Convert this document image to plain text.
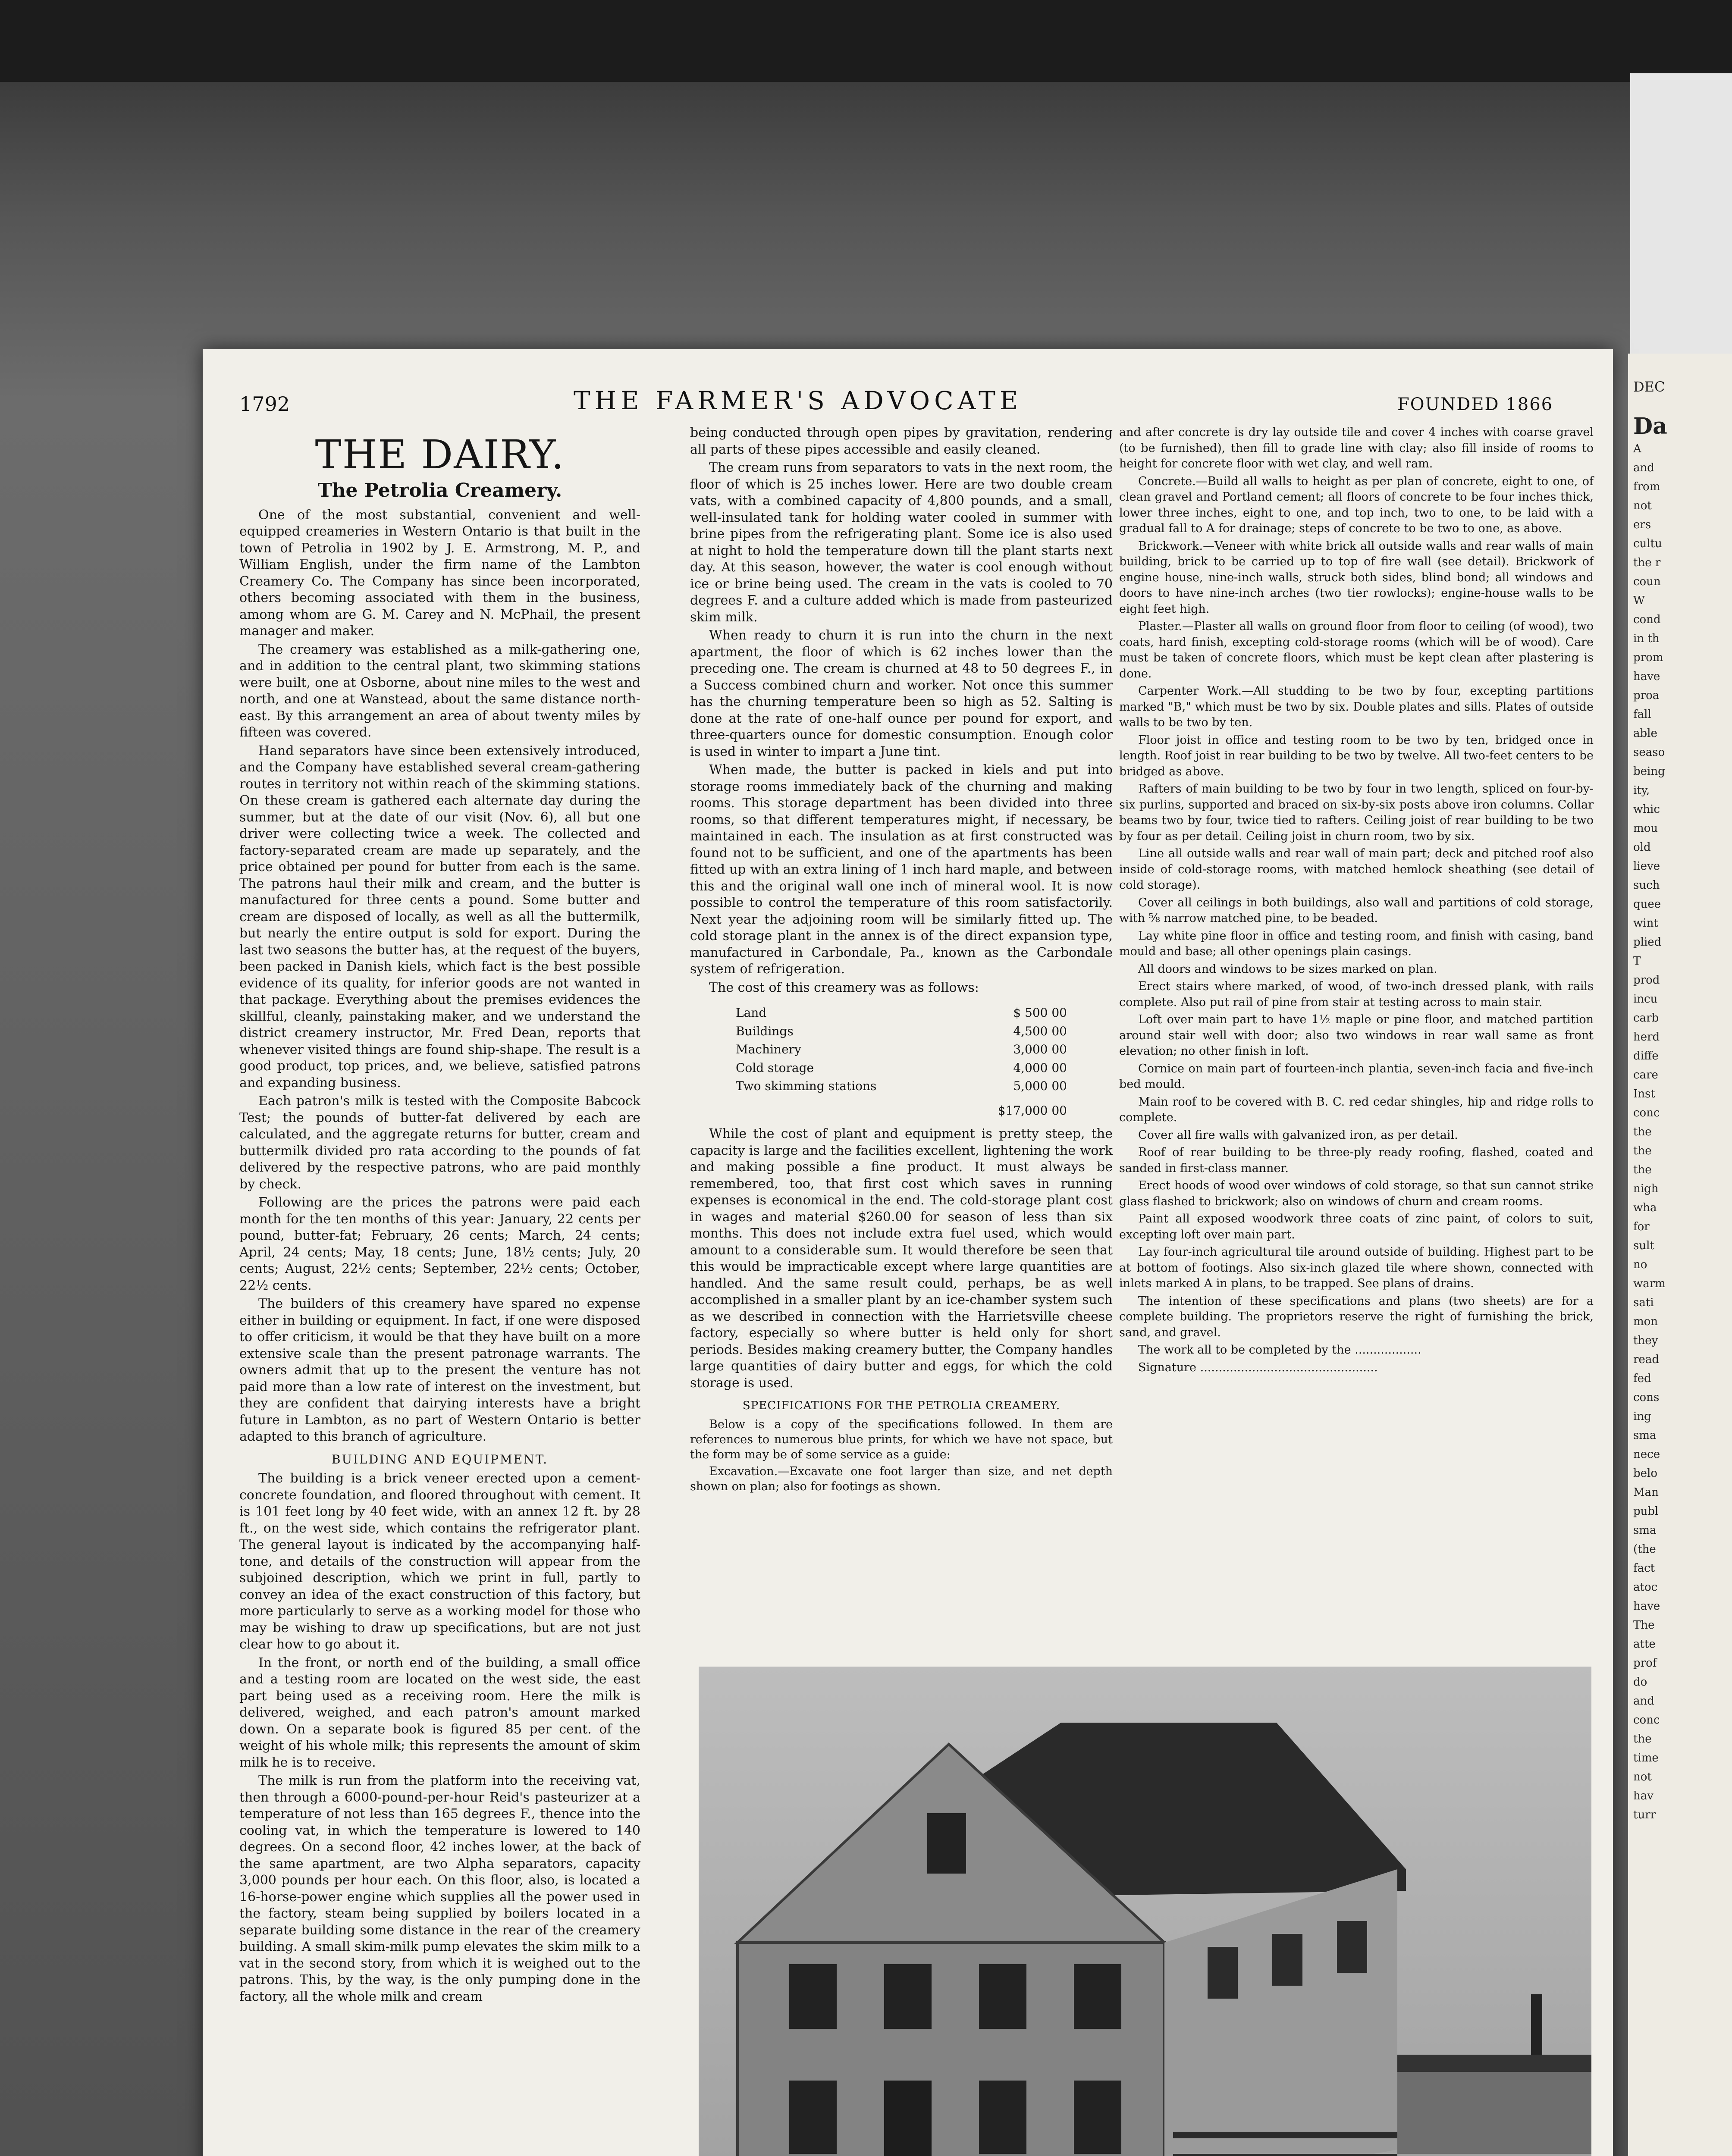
DEC
Da
A
and
from
not
ers
cultu
the r
coun
W
cond
in th
prom
have
proa
fall
able
seaso
being
ity,
whic
mou
old
lieve
such
quee
wint
plied
T
prod
incu
carb
herd
diffe
care
Inst
conc
the
the
the
nigh
wha
for
sult
no
warm
sati
mon
they
read
fed
cons
ing
sma
nece
belo
Man
publ
sma
(the
fact
atoc
have
The
atte
prof
do
and
conc
the
time
not
hav
turr
1792	THE FARMER'S ADVOCATE	FOUNDED 1866
THE DAIRY.
The Petrolia Creamery.

One of the most substantial, convenient and well-equipped creameries in Western Ontario is that built in the town of Petrolia in 1902 by J. E. Armstrong, M. P., and William English, under the firm name of the Lambton Creamery Co. The Company has since been incorporated, others becoming associated with them in the business, among whom are G. M. Carey and N. McPhail, the present manager and maker.

The creamery was established as a milk-gathering one, and in addition to the central plant, two skimming stations were built, one at Osborne, about nine miles to the west and north, and one at Wanstead, about the same distance north-east. By this arrangement an area of about twenty miles by fifteen was covered.

Hand separators have since been extensively introduced, and the Company have established several cream-gathering routes in territory not within reach of the skimming stations. On these cream is gathered each alternate day during the summer, but at the date of our visit (Nov. 6), all but one driver were collecting twice a week. The collected and factory-separated cream are made up separately, and the price obtained per pound for butter from each is the same. The patrons haul their milk and cream, and the butter is manufactured for three cents a pound. Some butter and cream are disposed of locally, as well as all the buttermilk, but nearly the entire output is sold for export. During the last two seasons the butter has, at the request of the buyers, been packed in Danish kiels, which fact is the best possible evidence of its quality, for inferior goods are not wanted in that package. Everything about the premises evidences the skillful, cleanly, painstaking maker, and we understand the district creamery instructor, Mr. Fred Dean, reports that whenever visited things are found ship-shape. The result is a good product, top prices, and, we believe, satisfied patrons and expanding business.

Each patron's milk is tested with the Composite Babcock Test; the pounds of butter-fat delivered by each are calculated, and the aggregate returns for butter, cream and buttermilk divided pro rata according to the pounds of fat delivered by the respective patrons, who are paid monthly by check.

Following are the prices the patrons were paid each month for the ten months of this year: January, 22 cents per pound, butter-fat; February, 26 cents; March, 24 cents; April, 24 cents; May, 18 cents; June, 18½ cents; July, 20 cents; August, 22½ cents; September, 22½ cents; October, 22½ cents.

The builders of this creamery have spared no expense either in building or equipment. In fact, if one were disposed to offer criticism, it would be that they have built on a more extensive scale than the present patronage warrants. The owners admit that up to the present the venture has not paid more than a low rate of interest on the investment, but they are confident that dairying interests have a bright future in Lambton, as no part of Western Ontario is better adapted to this branch of agriculture.

BUILDING AND EQUIPMENT.

The building is a brick veneer erected upon a cement-concrete foundation, and floored throughout with cement. It is 101 feet long by 40 feet wide, with an annex 12 ft. by 28 ft., on the west side, which contains the refrigerator plant. The general layout is indicated by the accompanying half-tone, and details of the construction will appear from the subjoined description, which we print in full, partly to convey an idea of the exact construction of this factory, but more particularly to serve as a working model for those who may be wishing to draw up specifications, but are not just clear how to go about it.

In the front, or north end of the building, a small office and a testing room are located on the west side, the east part being used as a receiving room. Here the milk is delivered, weighed, and each patron's amount marked down. On a separate book is figured 85 per cent. of the weight of his whole milk; this represents the amount of skim milk he is to receive.

The milk is run from the platform into the receiving vat, then through a 6000-pound-per-hour Reid's pasteurizer at a temperature of not less than 165 degrees F., thence into the cooling vat, in which the temperature is lowered to 140 degrees. On a second floor, 42 inches lower, at the back of the same apartment, are two Alpha separators, capacity 3,000 pounds per hour each. On this floor, also, is located a 16-horse-power engine which supplies all the power used in the factory, steam being supplied by boilers located in a separate building some distance in the rear of the creamery building. A small skim-milk pump elevates the skim milk to a vat in the second story, from which it is weighed out to the patrons. This, by the way, is the only pumping done in the factory, all the whole milk and cream

being conducted through open pipes by gravitation, rendering all parts of these pipes accessible and easily cleaned.

The cream runs from separators to vats in the next room, the floor of which is 25 inches lower. Here are two double cream vats, with a combined capacity of 4,800 pounds, and a small, well-insulated tank for holding water cooled in summer with brine pipes from the refrigerating plant. Some ice is also used at night to hold the temperature down till the plant starts next day. At this season, however, the water is cool enough without ice or brine being used. The cream in the vats is cooled to 70 degrees F. and a culture added which is made from pasteurized skim milk.

When ready to churn it is run into the churn in the next apartment, the floor of which is 62 inches lower than the preceding one. The cream is churned at 48 to 50 degrees F., in a Success combined churn and worker. Not once this summer has the churning temperature been so high as 52. Salting is done at the rate of one-half ounce per pound for export, and three-quarters ounce for domestic consumption. Enough color is used in winter to impart a June tint.

When made, the butter is packed in kiels and put into storage rooms immediately back of the churning and making rooms. This storage department has been divided into three rooms, so that different temperatures might, if necessary, be maintained in each. The insulation as at first constructed was found not to be sufficient, and one of the apartments has been fitted up with an extra lining of 1 inch hard maple, and between this and the original wall one inch of mineral wool. It is now possible to control the temperature of this room satisfactorily. Next year the adjoining room will be similarly fitted up. The cold storage plant in the annex is of the direct expansion type, manufactured in Carbondale, Pa., known as the Carbondale system of refrigeration.

The cost of this creamery was as follows:

Land	$ 500 00
Buildings	4,500 00
Machinery	3,000 00
Cold storage	4,000 00
Two skimming stations	5,000 00
	$17,000 00

While the cost of plant and equipment is pretty steep, the capacity is large and the facilities excellent, lightening the work and making possible a fine product. It must always be remembered, too, that first cost which saves in running expenses is economical in the end. The cold-storage plant cost in wages and material $260.00 for season of less than six months. This does not include extra fuel used, which would amount to a considerable sum. It would therefore be seen that this would be impracticable except where large quantities are handled. And the same result could, perhaps, be as well accomplished in a smaller plant by an ice-chamber system such as we described in connection with the Harrietsville cheese factory, especially so where butter is held only for short periods. Besides making creamery butter, the Company handles large quantities of dairy butter and eggs, for which the cold storage is used.

SPECIFICATIONS FOR THE PETROLIA CREAMERY.

Below is a copy of the specifications followed. In them are references to numerous blue prints, for which we have not space, but the form may be of some service as a guide:

Excavation.—Excavate one foot larger than size, and net depth shown on plan; also for footings as shown.

and after concrete is dry lay outside tile and cover 4 inches with coarse gravel (to be furnished), then fill to grade line with clay; also fill inside of rooms to height for concrete floor with wet clay, and well ram.

Concrete.—Build all walls to height as per plan of concrete, eight to one, of clean gravel and Portland cement; all floors of concrete to be four inches thick, lower three inches, eight to one, and top inch, two to one, to be laid with a gradual fall to A for drainage; steps of concrete to be two to one, as above.

Brickwork.—Veneer with white brick all outside walls and rear walls of main building, brick to be carried up to top of fire wall (see detail). Brickwork of engine house, nine-inch walls, struck both sides, blind bond; all windows and doors to have nine-inch arches (two tier rowlocks); engine-house walls to be eight feet high.

Plaster.—Plaster all walls on ground floor from floor to ceiling (of wood), two coats, hard finish, excepting cold-storage rooms (which will be of wood). Care must be taken of concrete floors, which must be kept clean after plastering is done.

Carpenter Work.—All studding to be two by four, excepting partitions marked "B," which must be two by six. Double plates and sills. Plates of outside walls to be two by ten.

Floor joist in office and testing room to be two by ten, bridged once in length. Roof joist in rear building to be two by twelve. All two-feet centers to be bridged as above.

Rafters of main building to be two by four in two length, spliced on four-by-six purlins, supported and braced on six-by-six posts above iron columns. Collar beams two by four, twice tied to rafters. Ceiling joist of rear building to be two by four as per detail. Ceiling joist in churn room, two by six.

Line all outside walls and rear wall of main part; deck and pitched roof also inside of cold-storage rooms, with matched hemlock sheathing (see detail of cold storage).

Cover all ceilings in both buildings, also wall and partitions of cold storage, with ⅝ narrow matched pine, to be beaded.

Lay white pine floor in office and testing room, and finish with casing, band mould and base; all other openings plain casings.

All doors and windows to be sizes marked on plan.

Erect stairs where marked, of wood, of two-inch dressed plank, with rails complete. Also put rail of pine from stair at testing across to main stair.

Loft over main part to have 1½ maple or pine floor, and matched partition around stair well with door; also two windows in rear wall same as front elevation; no other finish in loft.

Cornice on main part of fourteen-inch plantia, seven-inch facia and five-inch bed mould.

Main roof to be covered with B. C. red cedar shingles, hip and ridge rolls to complete.

Cover all fire walls with galvanized iron, as per detail.

Roof of rear building to be three-ply ready roofing, flashed, coated and sanded in first-class manner.

Erect hoods of wood over windows of cold storage, so that sun cannot strike glass flashed to brickwork; also on windows of churn and cream rooms.

Paint all exposed woodwork three coats of zinc paint, of colors to suit, excepting loft over main part.

Lay four-inch agricultural tile around outside of building. Highest part to be at bottom of footings. Also six-inch glazed tile where shown, connected with inlets marked A in plans, to be trapped. See plans of drains.

The intention of these specifications and plans (two sheets) are for a complete building. The proprietors reserve the right of furnishing the brick, sand, and gravel.

The work all to be completed by the ..................

Signature ................................................
